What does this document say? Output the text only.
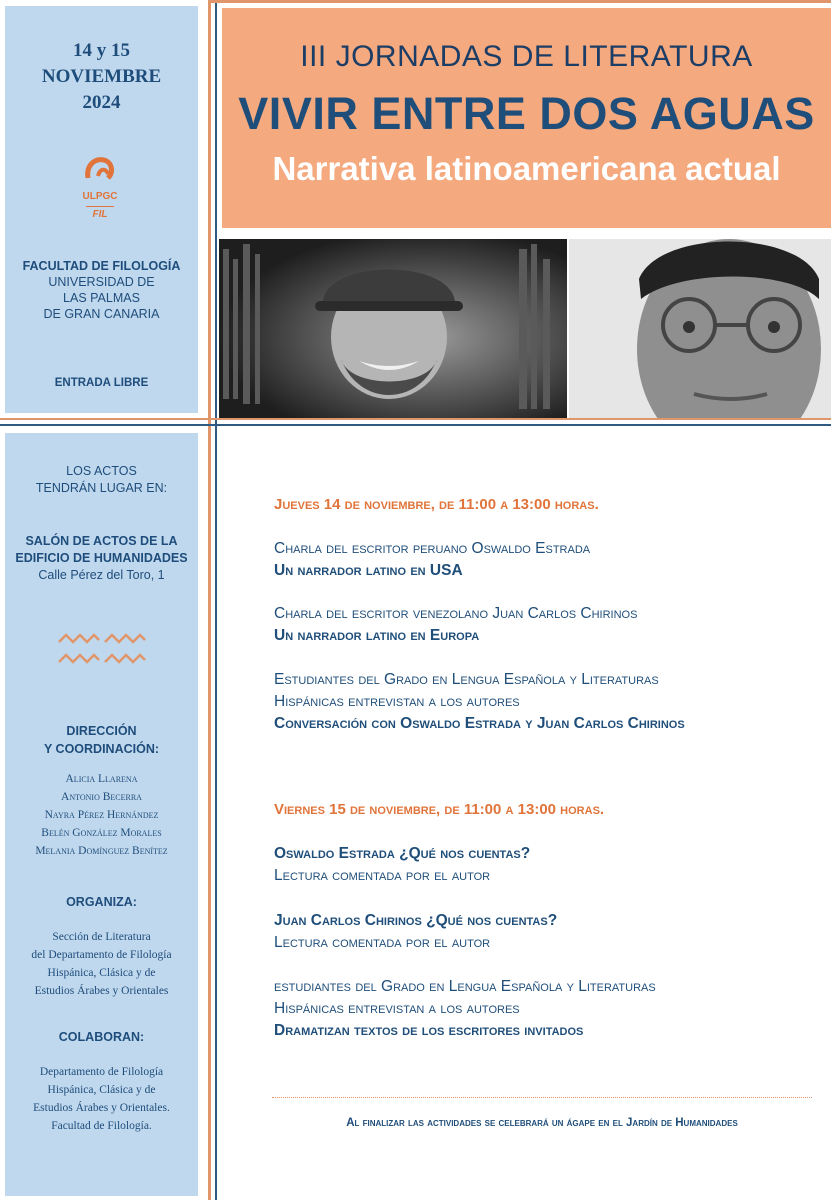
14 y 15
NOVIEMBRE
2024
ULPGC
FIL
FACULTAD DE FILOLOGÍA
UNIVERSIDAD DE
LAS PALMAS
DE GRAN CANARIA
ENTRADA LIBRE
LOS ACTOS
TENDRÁN LUGAR EN:
SALÓN DE ACTOS DE LA
EDIFICIO DE HUMANIDADES
Calle Pérez del Toro, 1
DIRECCIÓN
Y COORDINACIÓN:
Alicia Llarena
Antonio Becerra
Nayra Pérez Hernández
Belén González Morales
Melania Domínguez Benítez
ORGANIZA:
Sección de Literatura
del Departamento de Filología
Hispánica, Clásica y de
Estudios Árabes y Orientales
COLABORAN:
Departamento de Filología
Hispánica, Clásica y de
Estudios Árabes y Orientales.
Facultad de Filología.
III JORNADAS DE LITERATURA
VIVIR ENTRE DOS AGUAS
Narrativa latinoamericana actual
Jueves 14 de noviembre, de 11:00 a 13:00 horas.
Charla del escritor peruano Oswaldo Estrada
Un narrador latino en USA
Charla del escritor venezolano Juan Carlos Chirinos
Un narrador latino en Europa
Estudiantes del Grado en Lengua Española y Literaturas
Hispánicas entrevistan a los autores
Conversación con Oswaldo Estrada y Juan Carlos Chirinos
Viernes 15 de noviembre, de 11:00 a 13:00 horas.
Oswaldo Estrada ¿Qué nos cuentas?
Lectura comentada por el autor
Juan Carlos Chirinos ¿Qué nos cuentas?
Lectura comentada por el autor
estudiantes del Grado en Lengua Española y Literaturas
Hispánicas entrevistan a los autores
Dramatizan textos de los escritores invitados
Al finalizar las actividades se celebrará un ágape en el Jardín de Humanidades
